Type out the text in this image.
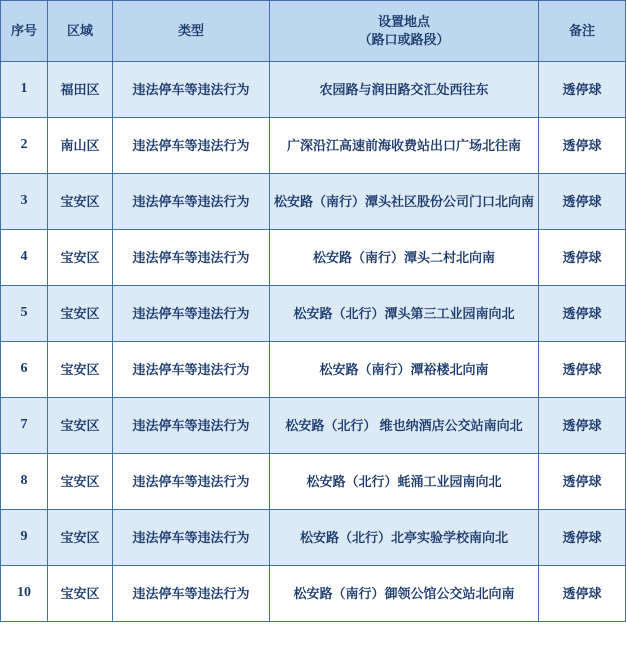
序号	区域	类型	设置地点
（路口或路段）	备注
1	福田区	违法停车等违法行为	农园路与润田路交汇处西往东	透停球
2	南山区	违法停车等违法行为	广深沿江高速前海收费站出口广场北往南	透停球
3	宝安区	违法停车等违法行为	松安路（南行）潭头社区股份公司门口北向南	透停球
4	宝安区	违法停车等违法行为	松安路（南行）潭头二村北向南	透停球
5	宝安区	违法停车等违法行为	松安路（北行）潭头第三工业园南向北	透停球
6	宝安区	违法停车等违法行为	松安路（南行）潭裕楼北向南	透停球
7	宝安区	违法停车等违法行为	松安路（北行） 维也纳酒店公交站南向北	透停球
8	宝安区	违法停车等违法行为	松安路（北行）蚝涌工业园南向北	透停球
9	宝安区	违法停车等违法行为	松安路（北行）北亭实验学校南向北	透停球
10	宝安区	违法停车等违法行为	松安路（南行）御领公馆公交站北向南	透停球
